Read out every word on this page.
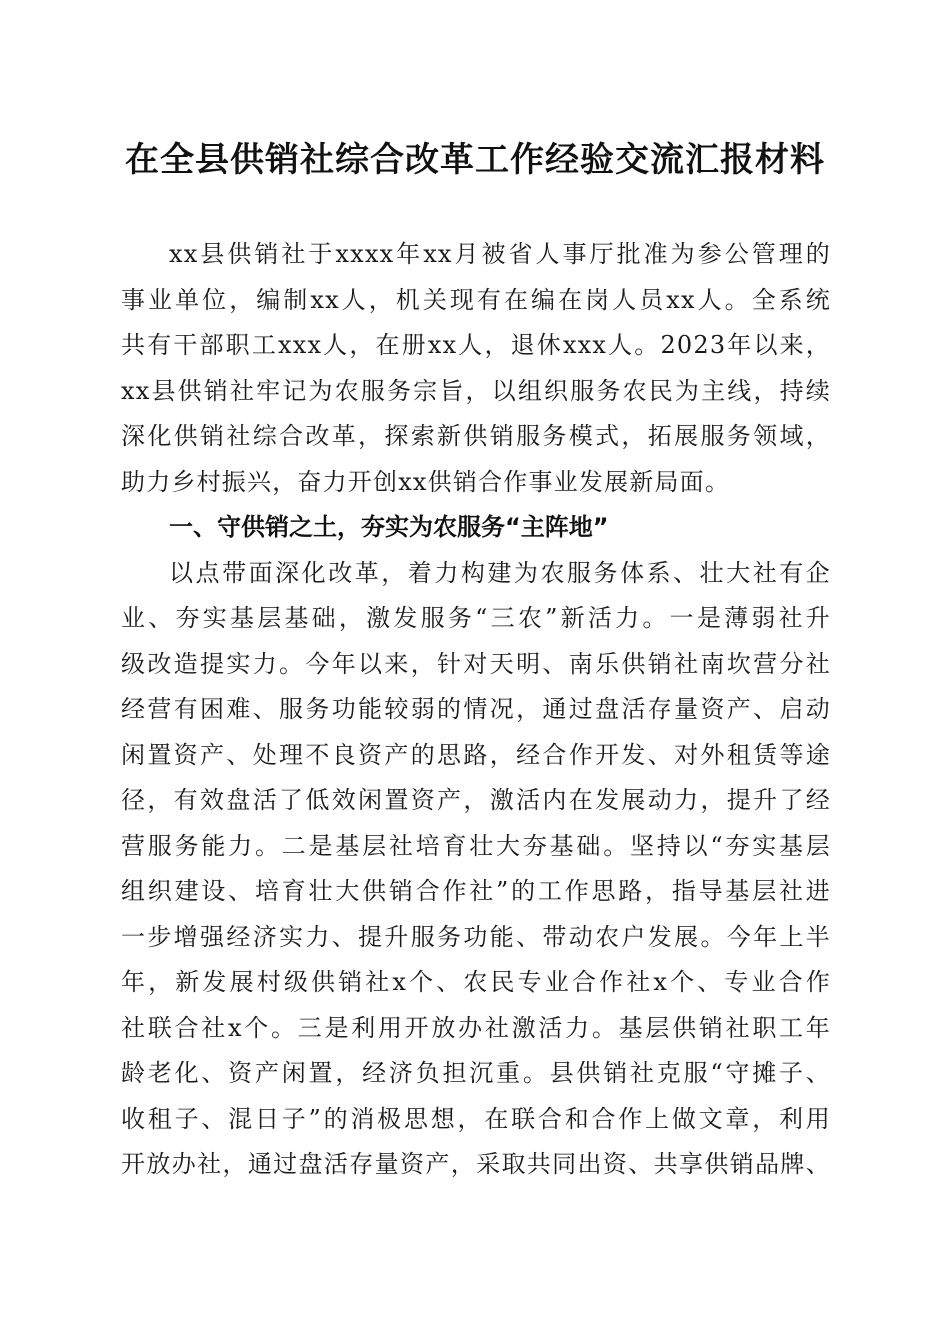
在全县供销社综合改革工作经验交流汇报材料
xx县供销社于xxxx年xx月被省人事厅批准为参公管理的
事业单位，编制xx人，机关现有在编在岗人员xx人。全系统
共有干部职工xxx人，在册xx人，退休xxx人。2023年以来，
xx县供销社牢记为农服务宗旨，以组织服务农民为主线，持续
深化供销社综合改革，探索新供销服务模式，拓展服务领域，
助力乡村振兴，奋力开创xx供销合作事业发展新局面。
一、守供销之土，夯实为农服务“主阵地”
以点带面深化改革，着力构建为农服务体系、壮大社有企
业、夯实基层基础，激发服务“三农”新活力。一是薄弱社升
级改造提实力。今年以来，针对天明、南乐供销社南坎营分社
经营有困难、服务功能较弱的情况，通过盘活存量资产、启动
闲置资产、处理不良资产的思路，经合作开发、对外租赁等途
径，有效盘活了低效闲置资产，激活内在发展动力，提升了经
营服务能力。二是基层社培育壮大夯基础。坚持以“夯实基层
组织建设、培育壮大供销合作社”的工作思路，指导基层社进
一步增强经济实力、提升服务功能、带动农户发展。今年上半
年，新发展村级供销社x个、农民专业合作社x个、专业合作
社联合社x个。三是利用开放办社激活力。基层供销社职工年
龄老化、资产闲置，经济负担沉重。县供销社克服“守摊子、
收租子、混日子”的消极思想，在联合和合作上做文章，利用
开放办社，通过盘活存量资产，采取共同出资、共享供销品牌、
